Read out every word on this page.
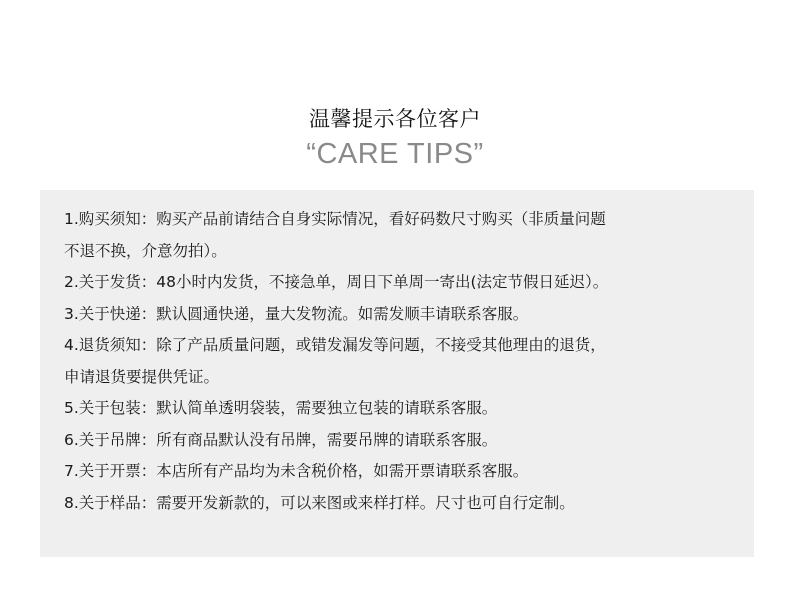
温馨提示各位客户
“CARE TIPS”
1.购买须知：购买产品前请结合自身实际情况，看好码数尺寸购买（非质量问题
不退不换，介意勿拍）。
2.关于发货：48小时内发货，不接急单，周日下单周一寄出(法定节假日延迟）。
3.关于快递：默认圆通快递，量大发物流。如需发顺丰请联系客服。
4.退货须知：除了产品质量问题，或错发漏发等问题，不接受其他理由的退货，
申请退货要提供凭证。
5.关于包装：默认简单透明袋装，需要独立包装的请联系客服。
6.关于吊牌：所有商品默认没有吊牌，需要吊牌的请联系客服。
7.关于开票：本店所有产品均为未含税价格，如需开票请联系客服。
8.关于样品：需要开发新款的，可以来图或来样打样。尺寸也可自行定制。
